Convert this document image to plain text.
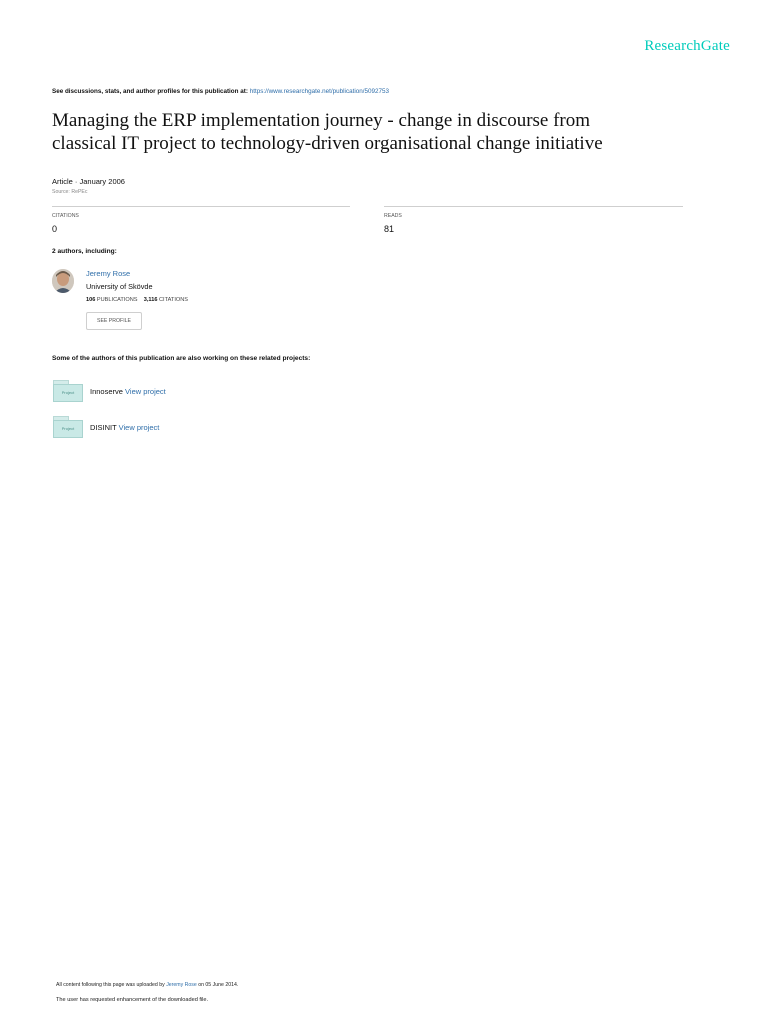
ResearchGate
See discussions, stats, and author profiles for this publication at: https://www.researchgate.net/publication/5092753
Managing the ERP implementation journey - change in discourse from
classical IT project to technology-driven organisational change initiative
Article · January 2006
Source: RePEc
CITATIONS
0
READS
81
2 authors, including:
Jeremy Rose
University of Skövde
106 PUBLICATIONS 3,116 CITATIONS
SEE PROFILE
Some of the authors of this publication are also working on these related projects:
Project	Innoserve View project
Project	DISINIT View project
All content following this page was uploaded by Jeremy Rose on 05 June 2014.
The user has requested enhancement of the downloaded file.
